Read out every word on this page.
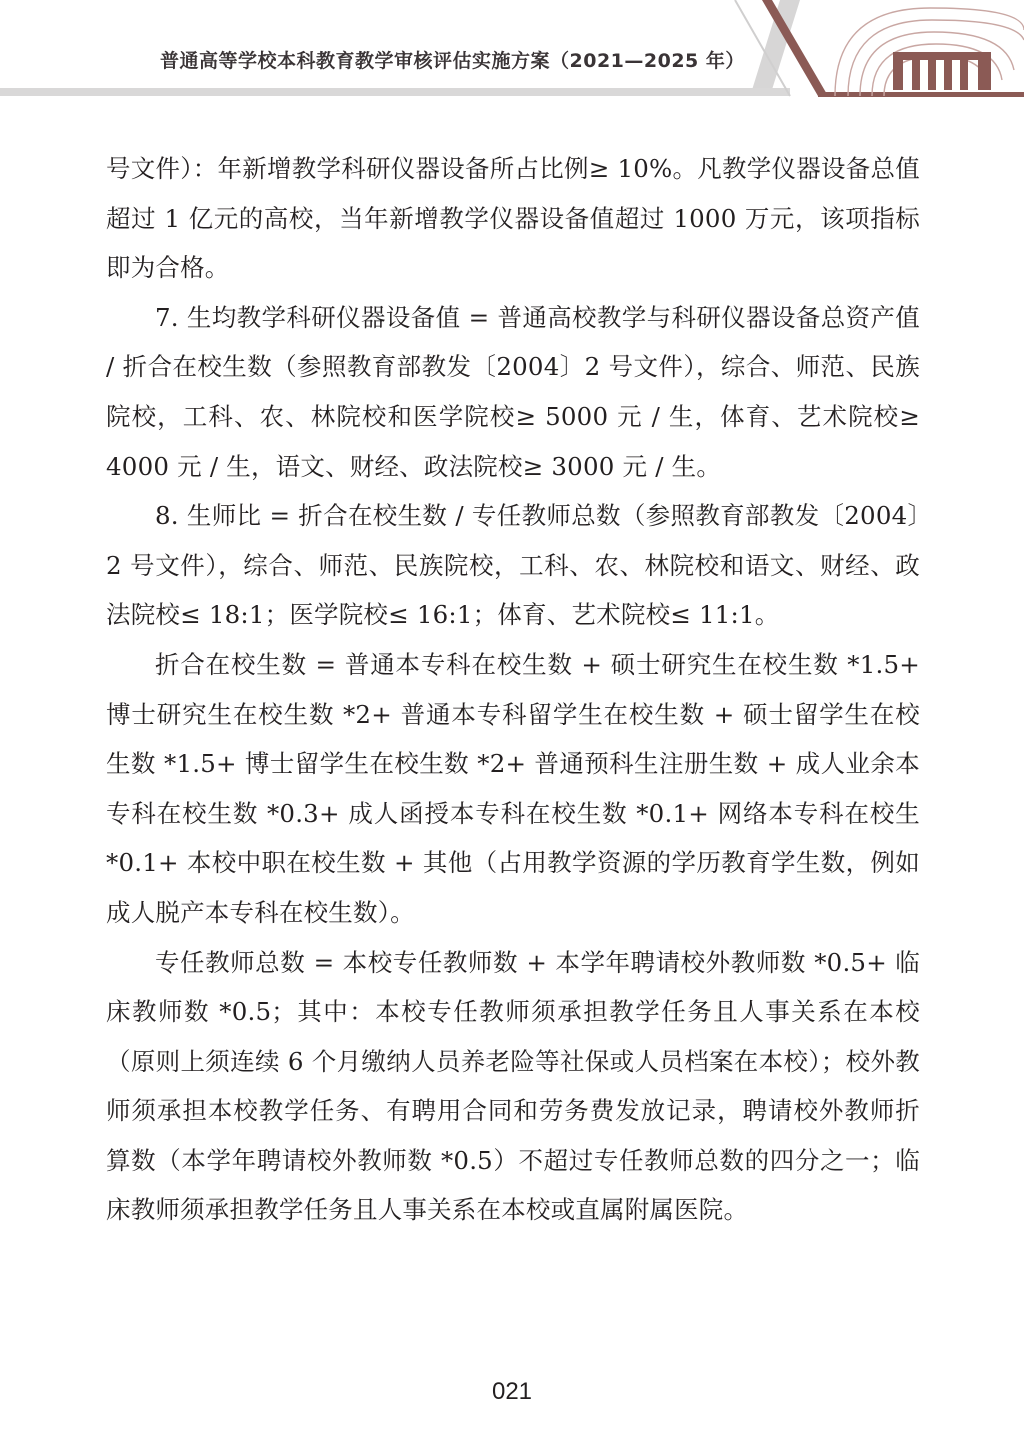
普通高等学校本科教育教学审核评估实施方案（2021—2025 年）

号文件）：年新增教学科研仪器设备所占比例≥ 10%。凡教学仪器设备总值超过 1 亿元的高校，当年新增教学仪器设备值超过 1000 万元，该项指标即为合格。

7. 生均教学科研仪器设备值 = 普通高校教学与科研仪器设备总资产值 / 折合在校生数（参照教育部教发〔2004〕2 号文件），综合、师范、民族院校，工科、农、林院校和医学院校≥ 5000 元 / 生，体育、艺术院校≥ 4000 元 / 生，语文、财经、政法院校≥ 3000 元 / 生。

8. 生师比 = 折合在校生数 / 专任教师总数（参照教育部教发〔2004〕2 号文件），综合、师范、民族院校，工科、农、林院校和语文、财经、政法院校≤ 18:1；医学院校≤ 16:1；体育、艺术院校≤ 11:1。

折合在校生数 = 普通本专科在校生数 + 硕士研究生在校生数 *1.5+ 博士研究生在校生数 *2+ 普通本专科留学生在校生数 + 硕士留学生在校生数 *1.5+ 博士留学生在校生数 *2+ 普通预科生注册生数 + 成人业余本专科在校生数 *0.3+ 成人函授本专科在校生数 *0.1+ 网络本专科在校生 *0.1+ 本校中职在校生数 + 其他（占用教学资源的学历教育学生数，例如成人脱产本专科在校生数）。

专任教师总数 = 本校专任教师数 + 本学年聘请校外教师数 *0.5+ 临床教师数 *0.5；其中：本校专任教师须承担教学任务且人事关系在本校（原则上须连续 6 个月缴纳人员养老险等社保或人员档案在本校）；校外教师须承担本校教学任务、有聘用合同和劳务费发放记录，聘请校外教师折算数（本学年聘请校外教师数 *0.5）不超过专任教师总数的四分之一；临床教师须承担教学任务且人事关系在本校或直属附属医院。

021
